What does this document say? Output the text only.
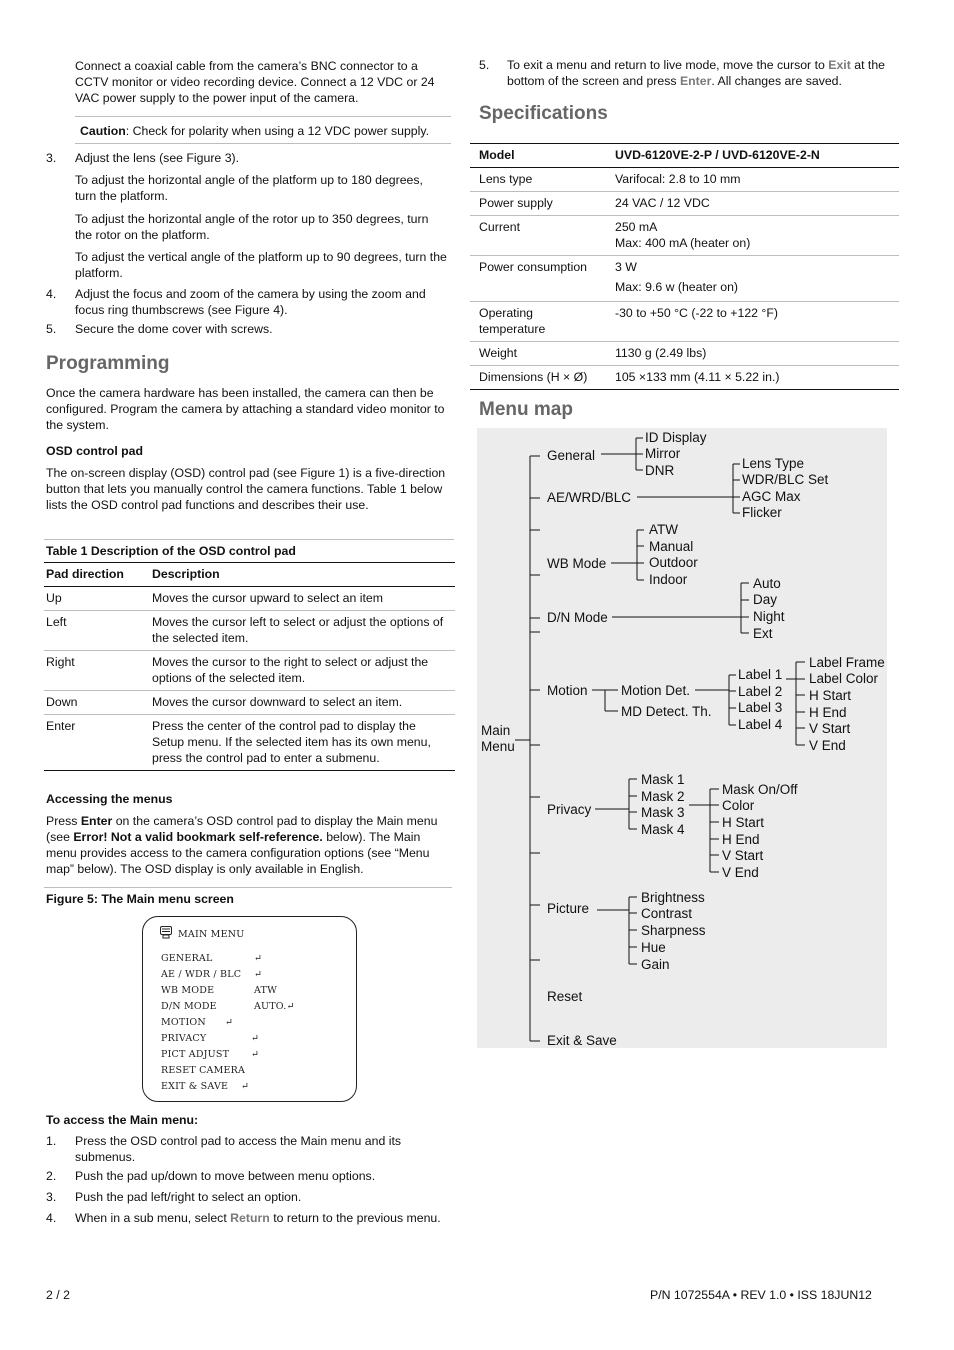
Connect a coaxial cable from the camera’s BNC connector to a CCTV monitor or video recording device. Connect a 12 VDC or 24 VAC power supply to the power input of the camera.

Caution: Check for polarity when using a 12 VDC power supply.

3. Adjust the lens (see Figure 3).

To adjust the horizontal angle of the platform up to 180 degrees, turn the platform.

To adjust the horizontal angle of the rotor up to 350 degrees, turn the rotor on the platform.

To adjust the vertical angle of the platform up to 90 degrees, turn the platform.

4. Adjust the focus and zoom of the camera by using the zoom and focus ring thumbscrews (see Figure 4).

5. Secure the dome cover with screws.

Programming

Once the camera hardware has been installed, the camera can then be configured. Program the camera by attaching a standard video monitor to the system.

OSD control pad

The on-screen display (OSD) control pad (see Figure 1) is a five-direction button that lets you manually control the camera functions. Table 1 below lists the OSD control pad functions and describes their use.

Table 1 Description of the OSD control pad

Pad direction	Description
Up	Moves the cursor upward to select an item
Left	Moves the cursor left to select or adjust the options of the selected item.
Right	Moves the cursor to the right to select or adjust the options of the selected item.
Down	Moves the cursor downward to select an item.
Enter	Press the center of the control pad to display the Setup menu. If the selected item has its own menu, press the control pad to enter a submenu.

Accessing the menus

Press Enter on the camera’s OSD control pad to display the Main menu (see Error! Not a valid bookmark self-reference. below). The Main menu provides access to the camera configuration options (see “Menu map” below). The OSD display is only available in English.

Figure 5: The Main menu screen

MAIN MENU
GENERAL	↵
AE / WDR / BLC ↵
WB MODE	ATW
D/N MODE	AUTO.↵
MOTION ↵
PRIVACY	↵
PICT ADJUST ↵
RESET CAMERA
EXIT & SAVE ↵

To access the Main menu:

1. Press the OSD control pad to access the Main menu and its submenus.

2. Push the pad up/down to move between menu options.

3. Push the pad left/right to select an option.

4. When in a sub menu, select Return to return to the previous menu.

5. To exit a menu and return to live mode, move the cursor to Exit at the bottom of the screen and press Enter. All changes are saved.

Specifications
Model	UVD-6120VE-2-P / UVD-6120VE-2-N
Lens type	Varifocal: 2.8 to 10 mm
Power supply	24 VAC / 12 VDC
Current	250 mA
Max: 400 mA (heater on)
Power consumption	3 W
Max: 9.6 w (heater on)
Operating temperature	-30 to +50 °C (-22 to +122 °F)
Weight	1130 g (2.49 lbs)
Dimensions (H × Ø)	105 ×133 mm (4.11 × 5.22 in.)
Menu map
Main Menu
General
ID Display
Mirror
DNR
AE/WRD/BLC
Lens Type
WDR/BLC Set
AGC Max
Flicker
WB Mode
ATW
Manual
Outdoor
Indoor
D/N Mode
Auto
Day
Night
Ext
Motion Motion Det.
MD Detect. Th.
Label 1
Label 2
Label 3
Label 4
Label Frame
Label Color
H Start
H End
V Start
V End
Privacy
Mask 1
Mask 2
Mask 3
Mask 4
Mask On/Off
Color
H Start
H End
V Start
V End
Picture
Brightness
Contrast
Sharpness
Hue
Gain
Reset
Exit & Save
2 / 2	P/N 1072554A • REV 1.0 • ISS 18JUN12
